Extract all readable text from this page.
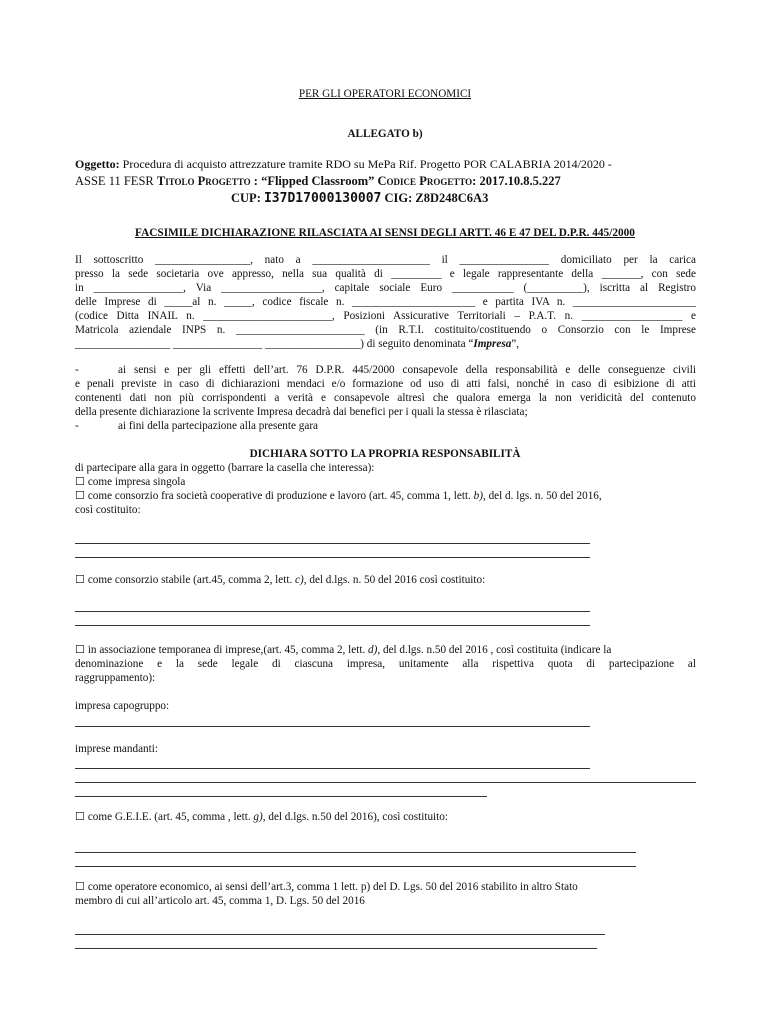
PER GLI OPERATORI ECONOMICI
ALLEGATO b)
Oggetto: Procedura di acquisto attrezzature tramite RDO su MePa Rif. Progetto POR CALABRIA 2014/2020 -
ASSE 11 FESR Titolo Progetto : “Flipped Classroom” Codice Progetto: 2017.10.8.5.227
CUP: I37D17000130007 CIG: Z8D248C6A3
FACSIMILE DICHIARAZIONE RILASCIATA AI SENSI DEGLI ARTT. 46 E 47 DEL D.P.R. 445/2000
Il sottoscritto _________________, nato a _____________________ il ________________ domiciliato per la carica
presso la sede societaria ove appresso, nella sua qualità di _________ e legale rappresentante della _______, con sede
in ________________, Via __________________, capitale sociale Euro ___________ (__________), iscritta al Registro
delle Imprese di _____al n. _____, codice fiscale n. ______________________ e partita IVA n. ______________________
(codice Ditta INAIL n. _______________________, Posizioni Assicurative Territoriali – P.A.T. n. __________________ e
Matricola aziendale INPS n. _______________________ (in R.T.I. costituito/costituendo o Consorzio con le Imprese
_________________ ________________ _________________) di seguito denominata “Impresa”,
-	ai sensi e per gli effetti dell’art. 76 D.P.R. 445/2000 consapevole della responsabilità e delle conseguenze civili
e penali previste in caso di dichiarazioni mendaci e/o formazione od uso di atti falsi, nonché in caso di esibizione di atti
contenenti dati non più corrispondenti a verità e consapevole altresì che qualora emerga la non veridicità del contenuto
della presente dichiarazione la scrivente Impresa decadrà dai benefici per i quali la stessa è rilasciata;
-	ai fini della partecipazione alla presente gara
DICHIARA SOTTO LA PROPRIA RESPONSABILITÀ
di partecipare alla gara in oggetto (barrare la casella che interessa):
☐ come impresa singola
☐ come consorzio fra società cooperative di produzione e lavoro (art. 45, comma 1, lett. b), del d. lgs. n. 50 del 2016,
così costituito:
☐ come consorzio stabile (art.45, comma 2, lett. c), del d.lgs. n. 50 del 2016 così costituito:
☐ in associazione temporanea di imprese,(art. 45, comma 2, lett. d), del d.lgs. n.50 del 2016 , così costituita (indicare la
denominazione e la sede legale di ciascuna impresa, unitamente alla rispettiva quota di partecipazione al
raggruppamento):
impresa capogruppo:
imprese mandanti:
☐ come G.E.I.E. (art. 45, comma , lett. g), del d.lgs. n.50 del 2016), così costituito:
☐ come operatore economico, ai sensi dell’art.3, comma 1 lett. p) del D. Lgs. 50 del 2016 stabilito in altro Stato
membro di cui all’articolo art. 45, comma 1, D. Lgs. 50 del 2016
